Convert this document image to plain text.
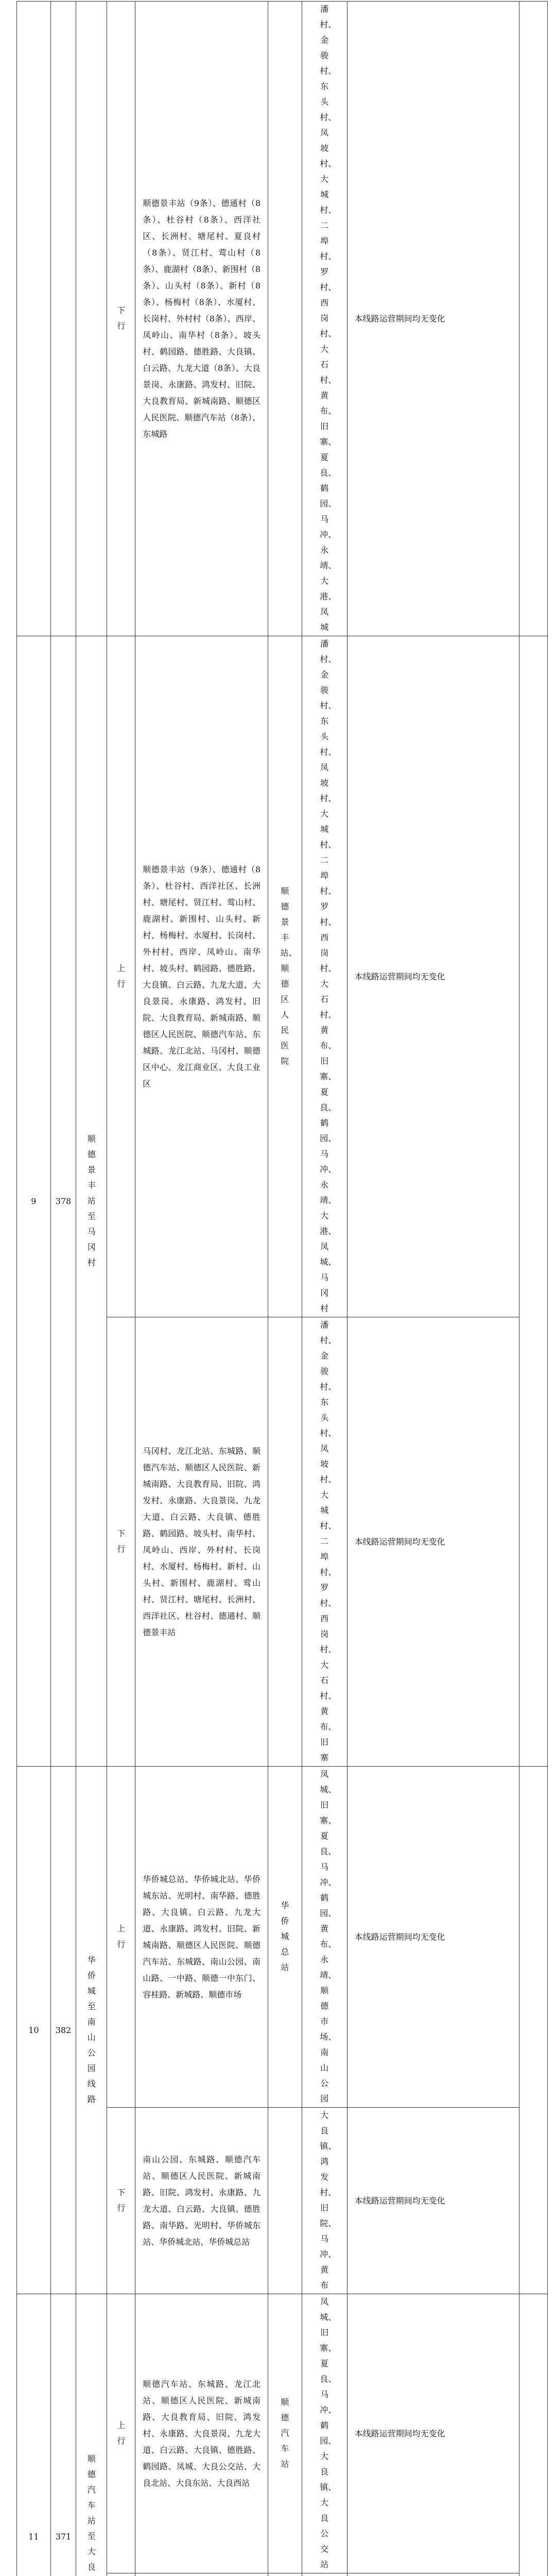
			下行	顺德景丰站（9条）、德通村（8条）、杜谷村（8条）、西洋社区、长洲村、塘尾村、夏良村（8条）、贤江村、莺山村（8条）、鹿湖村（8条）、新围村（8条）、山头村（8条）、新村（8条）、杨梅村（8条）、水厦村、长岗村、外村村（8条）、西岸、凤岭山、南华村（8条）、坡头村、鹤园路、德胜路、大良镇、白云路、九龙大道（8条）、大良景岗、永康路、鸿发村、旧院、大良教育局、新城南路、顺德区人民医院、顺德汽车站（8条）、东城路		潘村、金骏村、东头村、凤坡村、大城村、二埠村、罗村、西岗村、大石村、黄布、旧寨、夏良、鹤园、马冲、永靖、大港、凤城	本线路运营期间均无变化	
9	378	顺德景丰站至马冈村	上行	顺德景丰站（9条）、德通村（8条）、杜谷村、西洋社区、长洲村、塘尾村、贤江村、莺山村、鹿湖村、新围村、山头村、新村、杨梅村、水厦村、长岗村、外村村、西岸、凤岭山、南华村、坡头村、鹤园路、德胜路、大良镇、白云路、九龙大道、大良景岗、永康路、鸿发村、旧院、大良教育局、新城南路、顺德区人民医院、顺德汽车站、东城路、龙江北站、马冈村、顺德区中心、龙江商业区、大良工业区	顺德景丰站、顺德区人民医院	潘村、金骏村、东头村、凤坡村、大城村、二埠村、罗村、西岗村、大石村、黄布、旧寨、夏良、鹤园、马冲、永靖、大港、凤城、马冈村	本线路运营期间均无变化	
			下行	马冈村、龙江北站、东城路、顺德汽车站、顺德区人民医院、新城南路、大良教育局、旧院、鸿发村、永康路、大良景岗、九龙大道、白云路、大良镇、德胜路、鹤园路、坡头村、南华村、凤岭山、西岸、外村村、长岗村、水厦村、杨梅村、新村、山头村、新围村、鹿湖村、莺山村、贤江村、塘尾村、长洲村、西洋社区、杜谷村、德通村、顺德景丰站		潘村、金骏村、东头村、凤坡村、大城村、二埠村、罗村、西岗村、大石村、黄布、旧寨	本线路运营期间均无变化	
10	382	华侨城至南山公园线路	上行	华侨城总站、华侨城北站、华侨城东站、光明村、南华路、德胜路、大良镇、白云路、九龙大道、永康路、鸿发村、旧院、新城南路、顺德区人民医院、顺德汽车站、东城路、南山公园、南山路、一中路、顺德一中东门、容桂路、新城路、顺德市场	华侨城总站	凤城、旧寨、夏良、马冲、鹤园、黄布、永靖、顺德市场、南山公园	本线路运营期间均无变化	
			下行	南山公园、东城路、顺德汽车站、顺德区人民医院、新城南路、旧院、鸿发村、永康路、九龙大道、白云路、大良镇、德胜路、南华路、光明村、华侨城东站、华侨城北站、华侨城总站		大良镇、鸿发村、旧院、马冲、黄布	本线路运营期间均无变化	
11	371	顺德汽车站至大良	上行	顺德汽车站、东城路、龙江北站、顺德区人民医院、新城南路、大良教育局、旧院、鸿发村、永康路、大良景岗、九龙大道、白云路、大良镇、德胜路、鹤园路、凤城、大良公交站、大良北站、大良东站、大良西站	顺德汽车站	凤城、旧寨、夏良、马冲、鹤园、大良镇、大良公交站	本线路运营期间均无变化	
